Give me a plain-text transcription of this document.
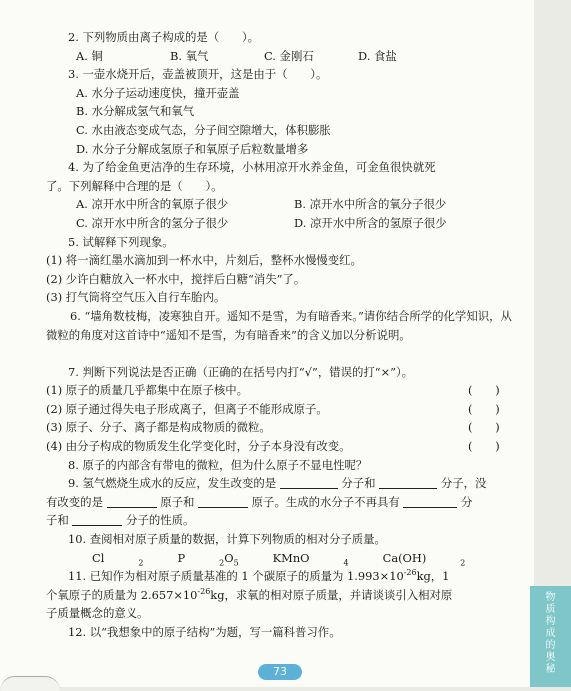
2. 下列物质由离子构成的是（　　）。
A. 铜	B. 氧气	C. 金刚石	D. 食盐
3. 一壶水烧开后，壶盖被顶开，这是由于（　　）。
A. 水分子运动速度快，撞开壶盖
B. 水分解成氢气和氧气
C. 水由液态变成气态，分子间空隙增大，体积膨胀
D. 水分子分解成氢原子和氧原子后粒数量增多
4. 为了给金鱼更洁净的生存环境，小林用凉开水养金鱼，可金鱼很快就死
了。下列解释中合理的是（　　）。
A. 凉开水中所含的氧原子很少	B. 凉开水中所含的氧分子很少
C. 凉开水中所含的氢分子很少	D. 凉开水中所含的氢原子很少
5. 试解释下列现象。
(1) 将一滴红墨水滴加到一杯水中，片刻后，整杯水慢慢变红。
(2) 少许白糖放入一杯水中，搅拌后白糖“消失”了。
(3) 打气筒将空气压入自行车胎内。
6. “墙角数枝梅，凌寒独自开。遥知不是雪，为有暗香来。”请你结合所学的化学知识，从微粒的角度对这首诗中“遥知不是雪，为有暗香来”的含义加以分析说明。
7. 判断下列说法是否正确（正确的在括号内打“√”，错误的打“×”）。
(1) 原子的质量几乎都集中在原子核中。	(　　)
(2) 原子通过得失电子形成离子，但离子不能形成原子。	(　　)
(3) 原子、分子、离子都是构成物质的微粒。	(　　)
(4) 由分子构成的物质发生化学变化时，分子本身没有改变。	(　　)
8. 原子的内部含有带电的微粒，但为什么原子不显电性呢？
9. 氢气燃烧生成水的反应，发生改变的是	分子和	分子，没
有改变的是	原子和	原子。生成的水分子不再具有	分
子和	分子的性质。
10. 查阅相对原子质量的数据，计算下列物质的相对分子质量。
Cl	$_2$	P	$_2O_5$	KMnO	$_4$	Ca(OH)	$_2$
11. 已知作为相对原子质量基准的 1 个碳原子的质量为 $1.993\times 10^{-26}kg$，1
个氧原子的质量为 $2.657\times 10^{-26}kg$，求氧的相对原子质量，并请谈谈引入相对原
子质量概念的意义。
12. 以“我想象中的原子结构”为题，写一篇科普习作。
73
物
质
构
成
的
奥
秘
